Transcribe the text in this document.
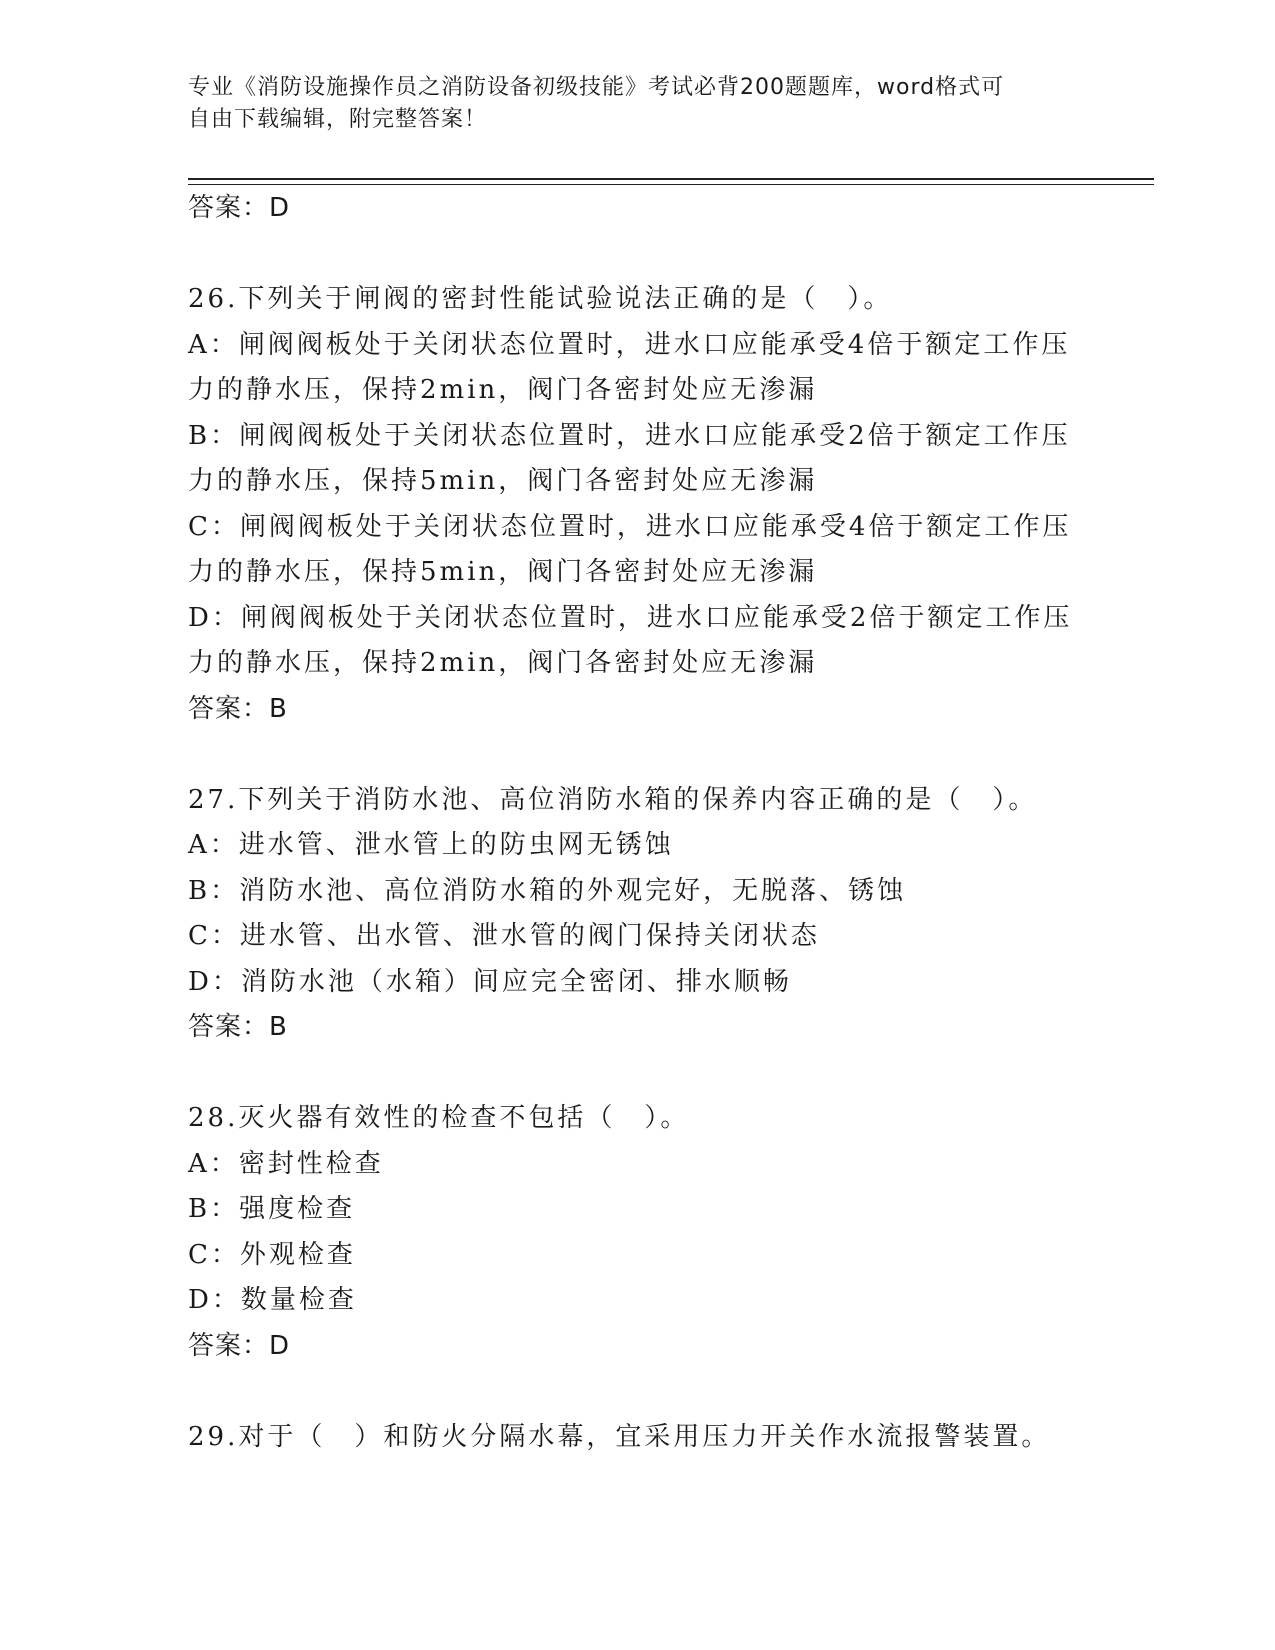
专业《消防设施操作员之消防设备初级技能》考试必背200题题库，word格式可
自由下载编辑，附完整答案！
答案：D
26.下列关于闸阀的密封性能试验说法正确的是（　）。
A：闸阀阀板处于关闭状态位置时，进水口应能承受4倍于额定工作压
力的静水压，保持2min，阀门各密封处应无渗漏
B：闸阀阀板处于关闭状态位置时，进水口应能承受2倍于额定工作压
力的静水压，保持5min，阀门各密封处应无渗漏
C：闸阀阀板处于关闭状态位置时，进水口应能承受4倍于额定工作压
力的静水压，保持5min，阀门各密封处应无渗漏
D：闸阀阀板处于关闭状态位置时，进水口应能承受2倍于额定工作压
力的静水压，保持2min，阀门各密封处应无渗漏
答案：B
27.下列关于消防水池、高位消防水箱的保养内容正确的是（　）。
A：进水管、泄水管上的防虫网无锈蚀
B：消防水池、高位消防水箱的外观完好，无脱落、锈蚀
C：进水管、出水管、泄水管的阀门保持关闭状态
D：消防水池（水箱）间应完全密闭、排水顺畅
答案：B
28.灭火器有效性的检查不包括（　）。
A：密封性检查
B：强度检查
C：外观检查
D：数量检查
答案：D
29.对于（　）和防火分隔水幕，宜采用压力开关作水流报警装置。
